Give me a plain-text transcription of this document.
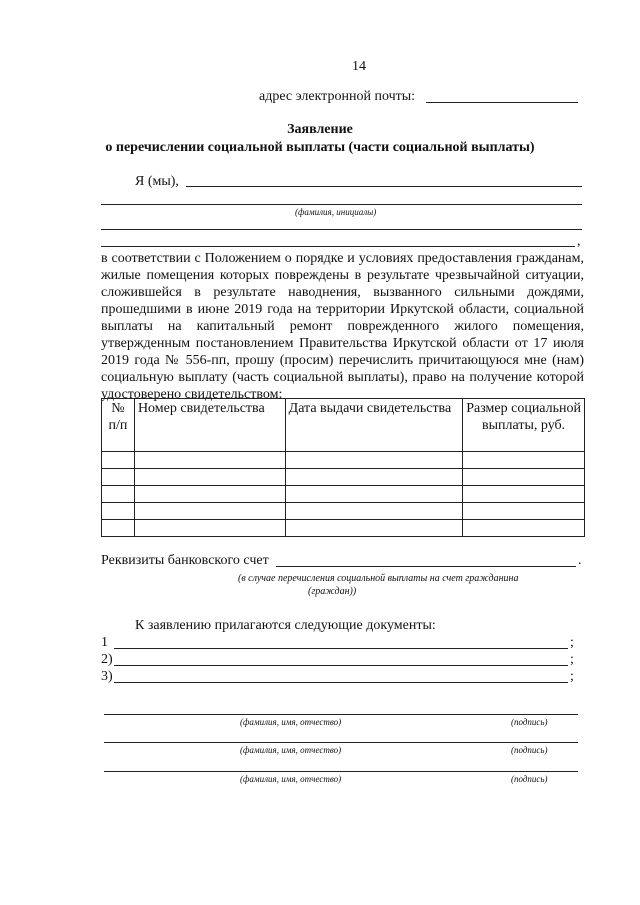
14
адрес электронной почты:
Заявление
о перечислении социальной выплаты (части социальной выплаты)
Я (мы),
(фамилия, инициалы)
,
в соответствии с Положением о порядке и условиях предоставления гражданам,
жилые помещения которых повреждены в результате чрезвычайной ситуации,
сложившейся в результате наводнения, вызванного сильными дождями,
прошедшими в июне 2019 года на территории Иркутской области, социальной
выплаты на капитальный ремонт поврежденного жилого помещения,
утвержденным постановлением Правительства Иркутской области от 17 июля
2019 года № 556-пп, прошу (просим) перечислить причитающуюся мне (нам)
социальную выплату (часть социальной выплаты), право на получение которой
удостоверено свидетельством:
№ п/п	Номер свидетельства	Дата выдачи свидетельства	Размер социальной выплаты, руб.

Реквизиты банковского счет	.
(в случае перечисления социальной выплаты на счет гражданина
(граждан))
К заявлению прилагаются следующие документы:
1	;
2)	;
3)	;
(фамилия, имя, отчество)	(подпись)
(фамилия, имя, отчество)	(подпись)
(фамилия, имя, отчество)	(подпись)
